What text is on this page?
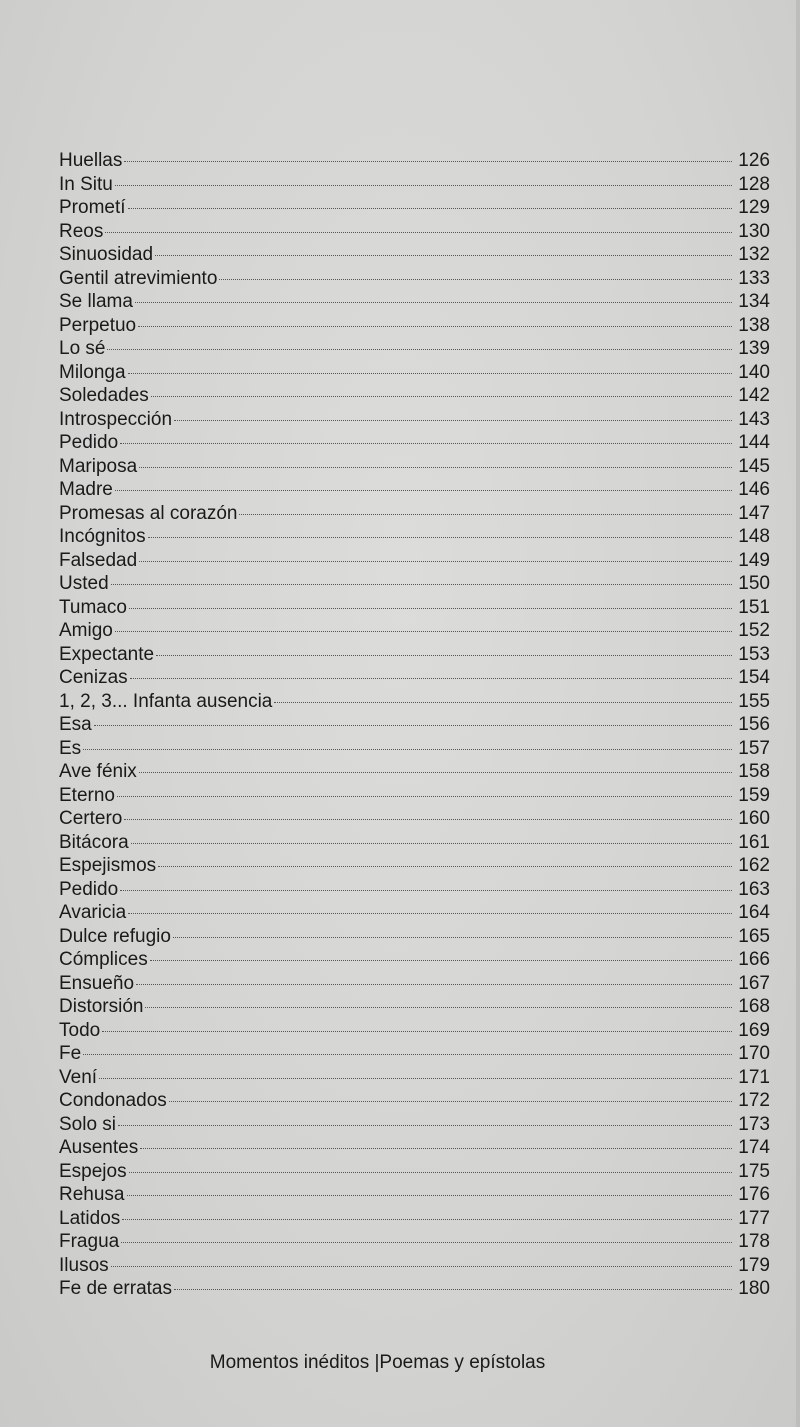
Huellas	126
In Situ	128
Prometí	129
Reos	130
Sinuosidad	132
Gentil atrevimiento	133
Se llama	134
Perpetuo	138
Lo sé	139
Milonga	140
Soledades	142
Introspección	143
Pedido	144
Mariposa	145
Madre	146
Promesas al corazón	147
Incógnitos	148
Falsedad	149
Usted	150
Tumaco	151
Amigo	152
Expectante	153
Cenizas	154
1, 2, 3... Infanta ausencia	155
Esa	156
Es	157
Ave fénix	158
Eterno	159
Certero	160
Bitácora	161
Espejismos	162
Pedido	163
Avaricia	164
Dulce refugio	165
Cómplices	166
Ensueño	167
Distorsión	168
Todo	169
Fe	170
Vení	171
Condonados	172
Solo si	173
Ausentes	174
Espejos	175
Rehusa	176
Latidos	177
Fragua	178
Ilusos	179
Fe de erratas	180
Momentos inéditos |Poemas y epístolas
